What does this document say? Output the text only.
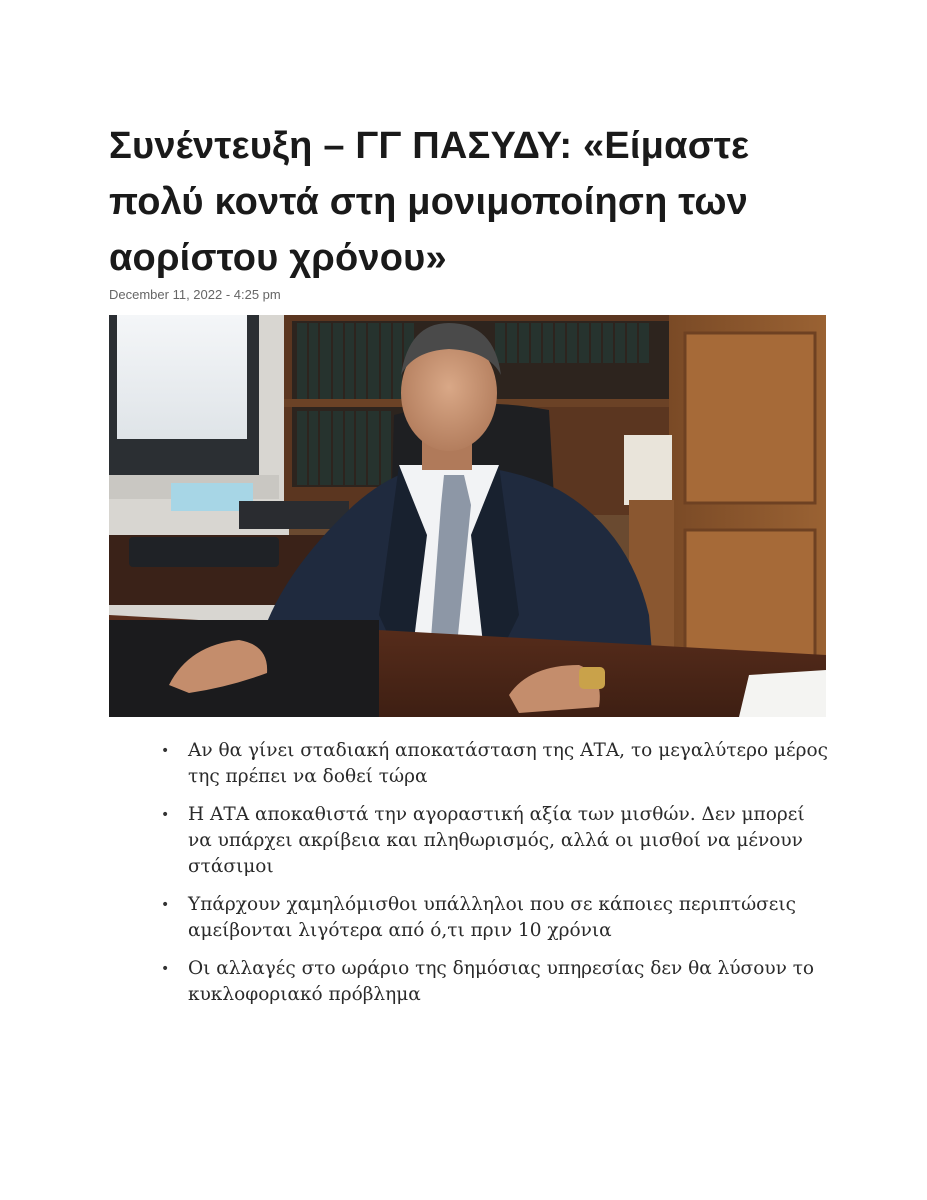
Συνέντευξη – ΓΓ ΠΑΣΥΔΥ: «Είμαστε πολύ κοντά στη μονιμοποίηση των αορίστου χρόνου»
December 11, 2022 - 4:25 pm
• Αν θα γίνει σταδιακή αποκατάσταση της ΑΤΑ, το μεγαλύτερο μέρος της πρέπει να δοθεί τώρα
• Η ΑΤΑ αποκαθιστά την αγοραστική αξία των μισθών. Δεν μπορεί να υπάρχει ακρίβεια και πληθωρισμός, αλλά οι μισθοί να μένουν στάσιμοι
• Υπάρχουν χαμηλόμισθοι υπάλληλοι που σε κάποιες περιπτώσεις αμείβονται λιγότερα από ό,τι πριν 10 χρόνια
• Οι αλλαγές στο ωράριο της δημόσιας υπηρεσίας δεν θα λύσουν το κυκλοφοριακό πρόβλημα
